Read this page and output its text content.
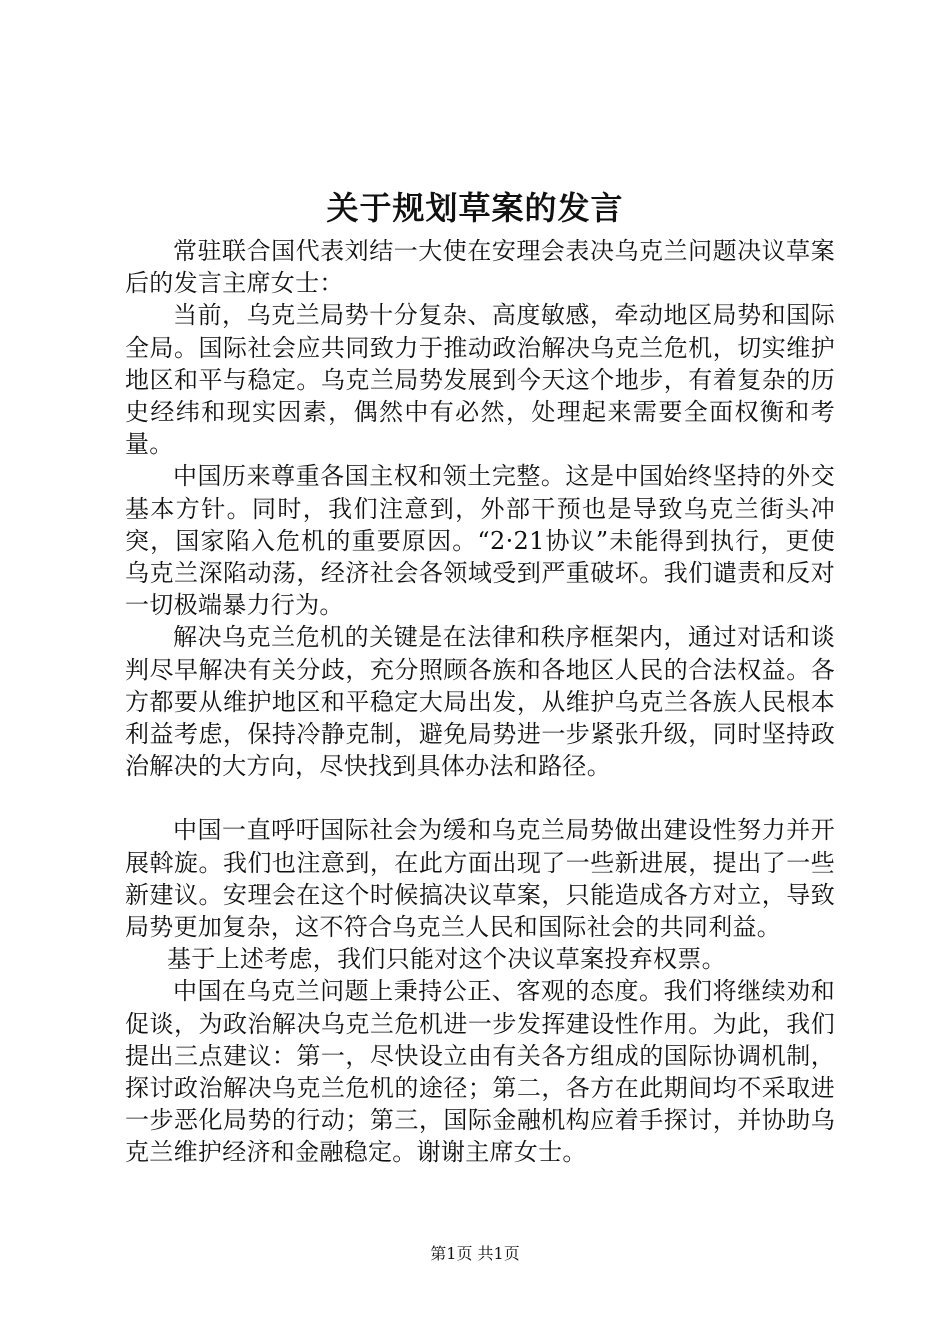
关于规划草案的发言

常驻联合国代表刘结一大使在安理会表决乌克兰问题决议草案后的发言主席女士：

当前，乌克兰局势十分复杂、高度敏感，牵动地区局势和国际全局。国际社会应共同致力于推动政治解决乌克兰危机，切实维护地区和平与稳定。乌克兰局势发展到今天这个地步，有着复杂的历史经纬和现实因素，偶然中有必然，处理起来需要全面权衡和考量。

中国历来尊重各国主权和领土完整。这是中国始终坚持的外交基本方针。同时，我们注意到，外部干预也是导致乌克兰街头冲突，国家陷入危机的重要原因。“2·21协议”未能得到执行，更使乌克兰深陷动荡，经济社会各领域受到严重破坏。我们谴责和反对一切极端暴力行为。

解决乌克兰危机的关键是在法律和秩序框架内，通过对话和谈判尽早解决有关分歧，充分照顾各族和各地区人民的合法权益。各方都要从维护地区和平稳定大局出发，从维护乌克兰各族人民根本利益考虑，保持冷静克制，避免局势进一步紧张升级，同时坚持政治解决的大方向，尽快找到具体办法和路径。

中国一直呼吁国际社会为缓和乌克兰局势做出建设性努力并开展斡旋。我们也注意到，在此方面出现了一些新进展，提出了一些新建议。安理会在这个时候搞决议草案，只能造成各方对立，导致局势更加复杂，这不符合乌克兰人民和国际社会的共同利益。

基于上述考虑，我们只能对这个决议草案投弃权票。

中国在乌克兰问题上秉持公正、客观的态度。我们将继续劝和促谈，为政治解决乌克兰危机进一步发挥建设性作用。为此，我们提出三点建议：第一，尽快设立由有关各方组成的国际协调机制，探讨政治解决乌克兰危机的途径；第二，各方在此期间均不采取进一步恶化局势的行动；第三，国际金融机构应着手探讨，并协助乌克兰维护经济和金融稳定。谢谢主席女士。

第1页 共1页
